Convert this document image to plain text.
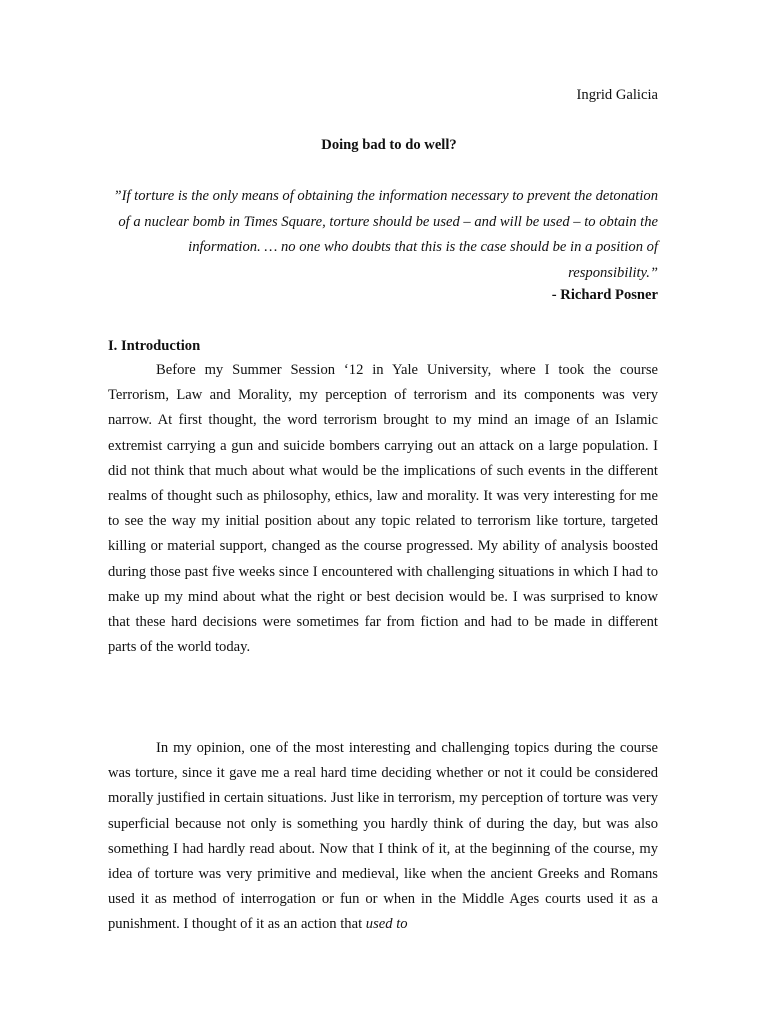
Ingrid Galicia
Doing bad to do well?
”If torture is the only means of obtaining the information necessary to prevent the detonation of a nuclear bomb in Times Square, torture should be used – and will be used – to obtain the information. … no one who doubts that this is the case should be in a position of responsibility.”
- Richard Posner
I. Introduction

Before my Summer Session ‘12 in Yale University, where I took the course Terrorism, Law and Morality, my perception of terrorism and its components was very narrow. At first thought, the word terrorism brought to my mind an image of an Islamic extremist carrying a gun and suicide bombers carrying out an attack on a large population. I did not think that much about what would be the implications of such events in the different realms of thought such as philosophy, ethics, law and morality. It was very interesting for me to see the way my initial position about any topic related to terrorism like torture, targeted killing or material support, changed as the course progressed. My ability of analysis boosted during those past five weeks since I encountered with challenging situations in which I had to make up my mind about what the right or best decision would be. I was surprised to know that these hard decisions were sometimes far from fiction and had to be made in different parts of the world today.

In my opinion, one of the most interesting and challenging topics during the course was torture, since it gave me a real hard time deciding whether or not it could be considered morally justified in certain situations. Just like in terrorism, my perception of torture was very superficial because not only is something you hardly think of during the day, but was also something I had hardly read about. Now that I think of it, at the beginning of the course, my idea of torture was very primitive and medieval, like when the ancient Greeks and Romans used it as method of interrogation or fun or when in the Middle Ages courts used it as a punishment. I thought of it as an action that used to
